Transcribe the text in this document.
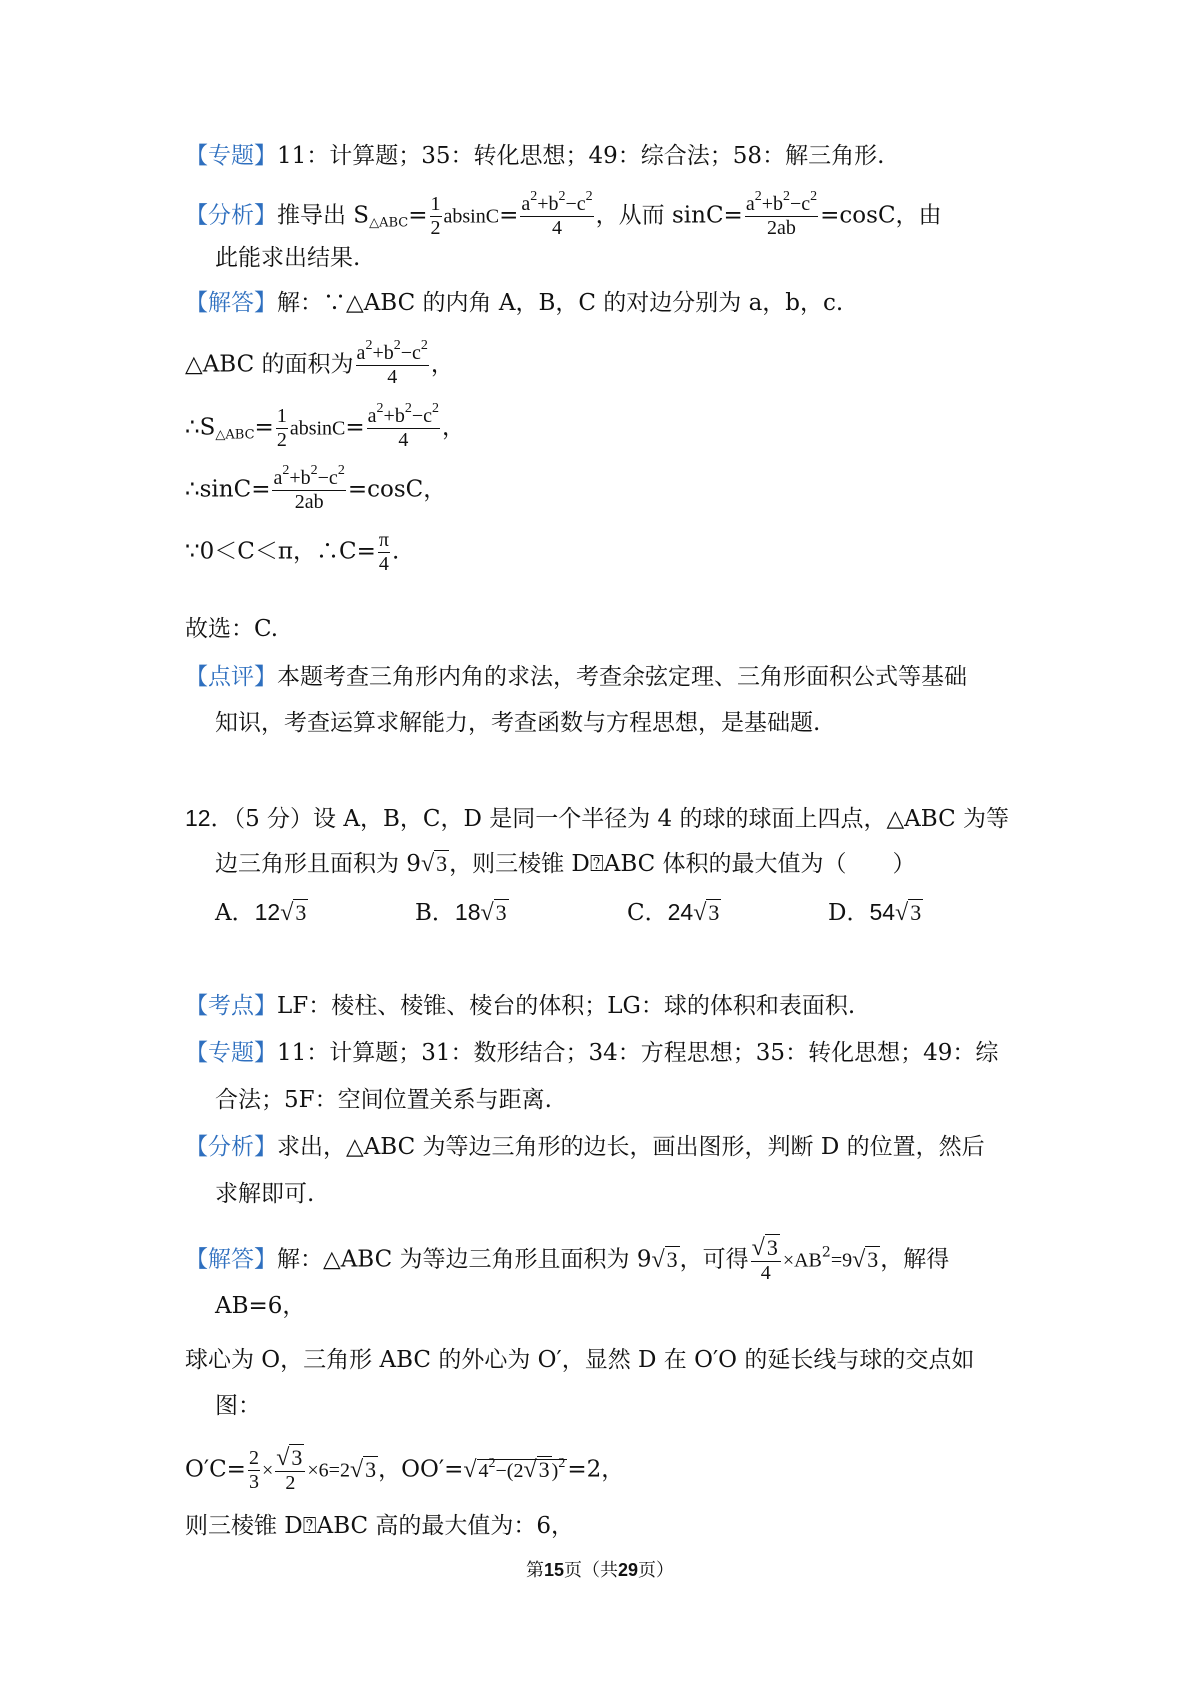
【专题】11：计算题；35：转化思想；49：综合法；58：解三角形.
【分析】推导出 $S_{\triangle ABC}= \frac{1}{2} absinC= \frac{a^2+b^2-c^2}{4}$ ，从而 $\sin C= \frac{a^2+b^2-c^2}{2ab} =\cos C$，由
此能求出结果.
【解答】解：∵△ABC 的内角 A，B，C 的对边分别为 a，b，c.
△ABC 的面积为 $\frac{a^2+b^2-c^2}{4}$ ，
$\therefore S_{\triangle ABC}= \frac{1}{2} absinC= \frac{a^2+b^2-c^2}{4}$ ，
∴sinC= $\frac{a^2+b^2-c^2}{2ab} =\cos C$，
∵0＜C＜π，∴C= $\frac{\pi}{4}$ .
故选：C.
【点评】本题考查三角形内角的求法，考查余弦定理、三角形面积公式等基础
知识，考查运算求解能力，考查函数与方程思想，是基础题.
12．（5 分）设 A，B，C，D 是同一个半径为 4 的球的球面上四点，△ABC 为等
边三角形且面积为 9√3，则三棱锥 D⍰ABC 体积的最大值为（　　）
A．12√3	B．18√3	C．24√3	D．54√3
【考点】LF：棱柱、棱锥、棱台的体积；LG：球的体积和表面积.
【专题】11：计算题；31：数形结合；34：方程思想；35：转化思想；49：综
合法；5F：空间位置关系与距离.
【分析】求出，△ABC 为等边三角形的边长，画出图形，判断 D 的位置，然后
求解即可.
【解答】解：△ABC 为等边三角形且面积为 9√3，可得 $\frac{√3}{4} \times AB^2=9√3$，解得
AB=6，
球心为 O，三角形 ABC 的外心为 O′，显然 D 在 O′O 的延长线与球的交点如
图：
$O'C= \frac{2}{3} \times \frac{√3}{2} \times 6=2√3$，OO′=√ $4^2-(2√3$ )$^2$=2，
则三棱锥 D⍰ABC 高的最大值为：6，
第15页（共29页）
